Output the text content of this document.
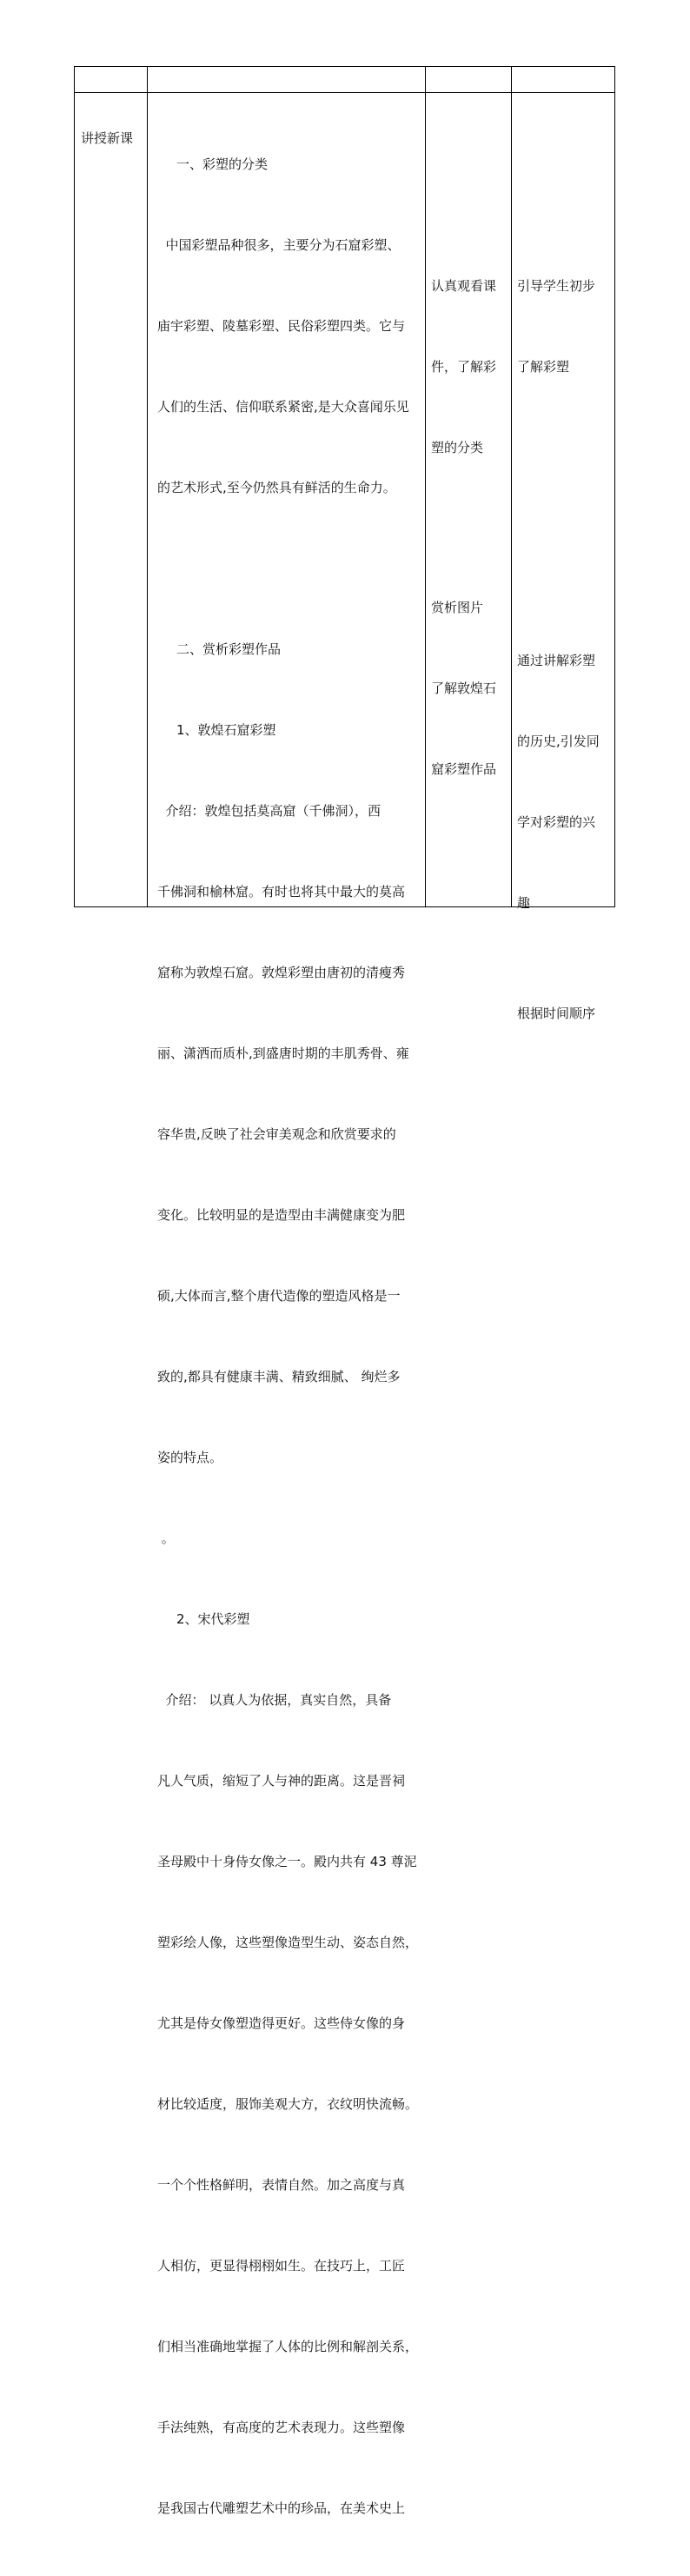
讲授新课

一、彩塑的分类

中国彩塑品种很多，主要分为石窟彩塑、

庙宇彩塑、陵墓彩塑、民俗彩塑四类。它与

人们的生活、信仰联系紧密,是大众喜闻乐见

的艺术形式,至今仍然具有鲜活的生命力。

二、赏析彩塑作品

1、敦煌石窟彩塑

介绍：敦煌包括莫高窟（千佛洞），西

千佛洞和榆林窟。有时也将其中最大的莫高

窟称为敦煌石窟。敦煌彩塑由唐初的清瘦秀

丽、潇洒而质朴,到盛唐时期的丰肌秀骨、雍

容华贵,反映了社会审美观念和欣赏要求的

变化。比较明显的是造型由丰满健康变为肥

硕,大体而言,整个唐代造像的塑造风格是一

致的,都具有健康丰满、精致细腻、 绚烂多

姿的特点。

。

2、宋代彩塑

介绍： 以真人为依据，真实自然，具备

凡人气质，缩短了人与神的距离。这是晋祠

圣母殿中十身侍女像之一。殿内共有 43 尊泥

塑彩绘人像，这些塑像造型生动、姿态自然，

尤其是侍女像塑造得更好。这些侍女像的身

材比较适度，服饰美观大方，衣纹明快流畅。

一个个性格鲜明，表情自然。加之高度与真

人相仿，更显得栩栩如生。在技巧上，工匠

们相当准确地掌握了人体的比例和解剖关系，

手法纯熟，有高度的艺术表现力。这些塑像

是我国古代雕塑艺术中的珍品，在美术史上

认真观看课

件，了解彩

塑的分类

引导学生初步

了解彩塑

赏析图片

了解敦煌石

窟彩塑作品

通过讲解彩塑

的历史,引发同

学对彩塑的兴

趣

根据时间顺序
